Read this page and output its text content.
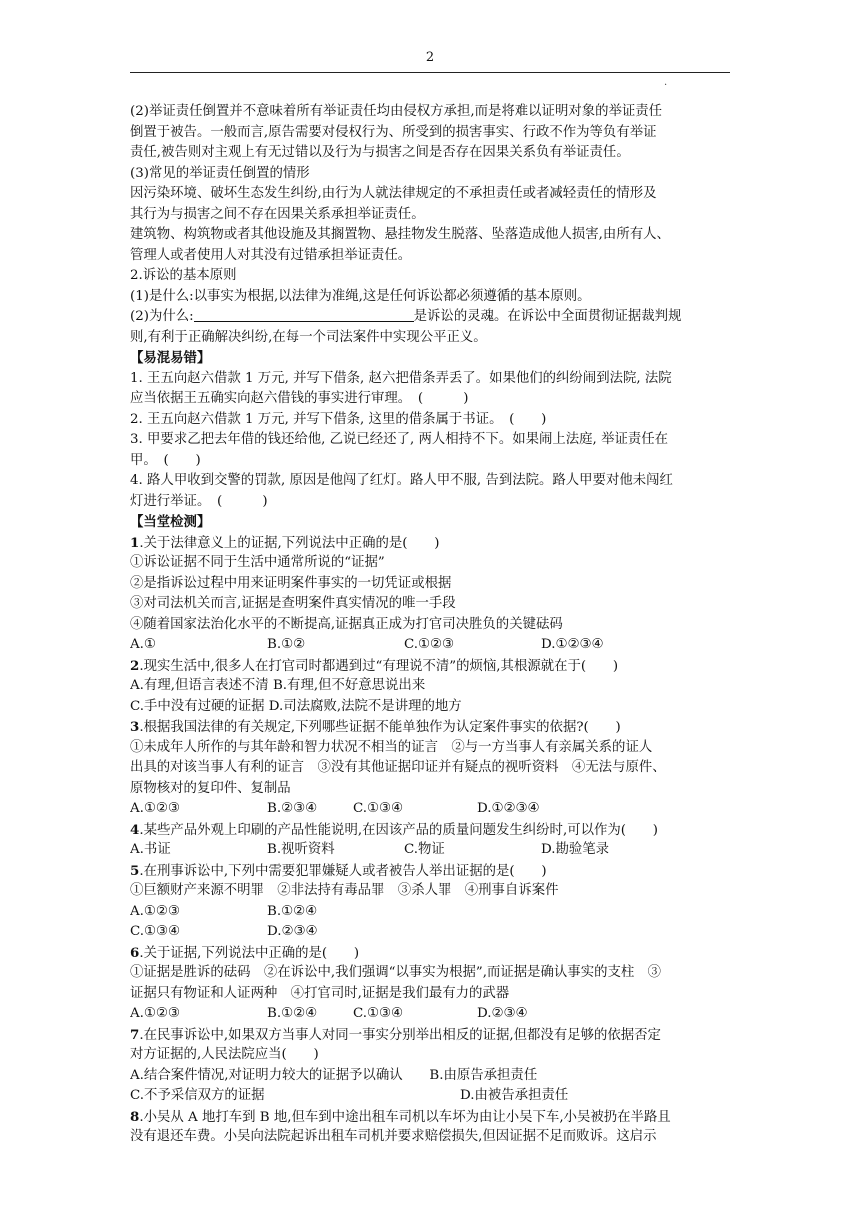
2
.
(2)举证责任倒置并不意味着所有举证责任均由侵权方承担,而是将难以证明对象的举证责任
倒置于被告。一般而言,原告需要对侵权行为、所受到的损害事实、行政不作为等负有举证
责任,被告则对主观上有无过错以及行为与损害之间是否存在因果关系负有举证责任。
(3)常见的举证责任倒置的情形
因污染环境、破坏生态发生纠纷,由行为人就法律规定的不承担责任或者减轻责任的情形及
其行为与损害之间不存在因果关系承担举证责任。
建筑物、构筑物或者其他设施及其搁置物、悬挂物发生脱落、坠落造成他人损害,由所有人、
管理人或者使用人对其没有过错承担举证责任。
2.诉讼的基本原则
(1)是什么:以事实为根据,以法律为准绳,这是任何诉讼都必须遵循的基本原则。
(2)为什么:	是诉讼的灵魂。在诉讼中全面贯彻证据裁判规
则,有利于正确解决纠纷,在每一个司法案件中实现公平正义。
【易混易错】
1. 王五向赵六借款 1 万元, 并写下借条, 赵六把借条弄丢了。如果他们的纠纷闹到法院, 法院
应当依据王五确实向赵六借钱的事实进行审理。　(　　　)
2. 王五向赵六借款 1 万元, 并写下借条, 这里的借条属于书证。　(　　)
3. 甲要求乙把去年借的钱还给他, 乙说已经还了, 两人相持不下。如果闹上法庭, 举证责任在
甲。　(　　)
4. 路人甲收到交警的罚款, 原因是他闯了红灯。路人甲不服, 告到法院。路人甲要对他未闯红
灯进行举证。　(　　　)
【当堂检测】
1.关于法律意义上的证据,下列说法中正确的是(　　)
①诉讼证据不同于生活中通常所说的“证据”
②是指诉讼过程中用来证明案件事实的一切凭证或根据
③对司法机关而言,证据是查明案件真实情况的唯一手段
④随着国家法治化水平的不断提高,证据真正成为打官司决胜负的关键砝码
A.①	B.①②	C.①②③	D.①②③④
2.现实生活中,很多人在打官司时都遇到过“有理说不清”的烦恼,其根源就在于(　　)
A.有理,但语言表述不清 B.有理,但不好意思说出来
C.手中没有过硬的证据 D.司法腐败,法院不是讲理的地方
3.根据我国法律的有关规定,下列哪些证据不能单独作为认定案件事实的依据?(　　)
①未成年人所作的与其年龄和智力状况不相当的证言　②与一方当事人有亲属关系的证人
出具的对该当事人有利的证言　③没有其他证据印证并有疑点的视听资料　④无法与原件、
原物核对的复印件、复制品
A.①②③	B.②③④	C.①③④	D.①②③④
4.某些产品外观上印刷的产品性能说明,在因该产品的质量问题发生纠纷时,可以作为(　　)
A.书证	B.视听资料	C.物证	D.勘验笔录
5.在刑事诉讼中,下列中需要犯罪嫌疑人或者被告人举出证据的是(　　)
①巨额财产来源不明罪　②非法持有毒品罪　③杀人罪　④刑事自诉案件
A.①②③	B.①②④
C.①③④	D.②③④
6.关于证据,下列说法中正确的是(　　)
①证据是胜诉的砝码　②在诉讼中,我们强调“以事实为根据”,而证据是确认事实的支柱　③
证据只有物证和人证两种　④打官司时,证据是我们最有力的武器
A.①②③	B.①②④	C.①③④	D.②③④
7.在民事诉讼中,如果双方当事人对同一事实分别举出相反的证据,但都没有足够的依据否定
对方证据的,人民法院应当(　　)
A.结合案件情况,对证明力较大的证据予以确认　　B.由原告承担责任
C.不予采信双方的证据	D.由被告承担责任
8.小吴从 A 地打车到 B 地,但车到中途出租车司机以车坏为由让小吴下车,小吴被扔在半路且
没有退还车费。小吴向法院起诉出租车司机并要求赔偿损失,但因证据不足而败诉。这启示
